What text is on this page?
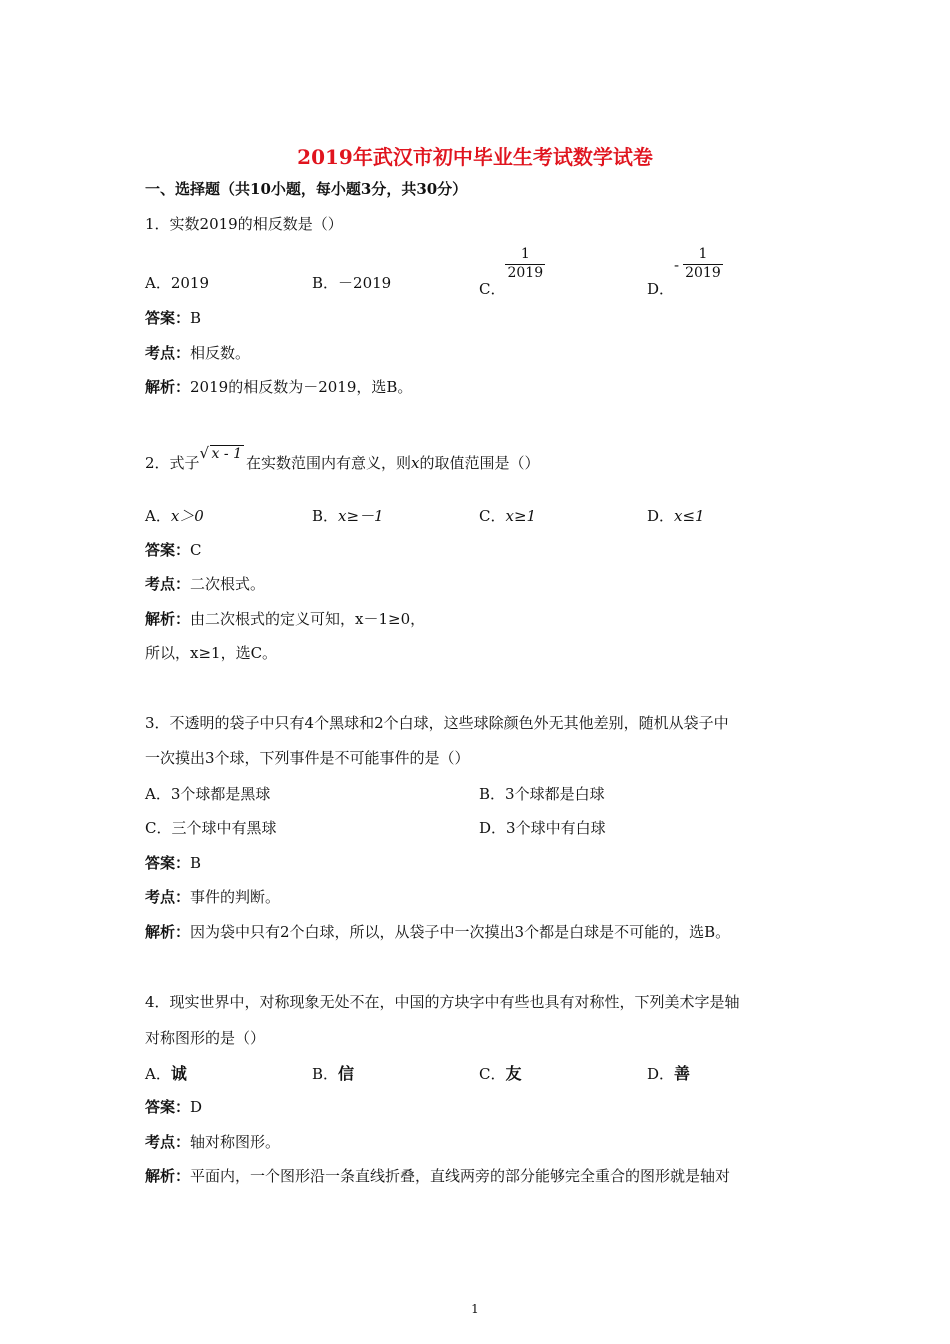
2019年武汉市初中毕业生考试数学试卷
一、选择题（共10小题，每小题3分，共30分）
1．实数2019的相反数是（）
A．2019	B．－2019	C．
$\frac{1}{2019}$
D．- $\frac{1}{2019}$
答案：B
考点：相反数。
解析：2019的相反数为－2019，选B。
2．式子
√ x - 1 在实数范围内有意义，则x的取值范围是（）
A．x＞0	B．x≥－1	C．x≥1	D．x≤1
答案：C
考点：二次根式。
解析：由二次根式的定义可知，x－1≥0，
所以，x≥1，选C。
3．不透明的袋子中只有4个黑球和2个白球，这些球除颜色外无其他差别，随机从袋子中
一次摸出3个球，下列事件是不可能事件的是（）
A．3个球都是黑球	B．3个球都是白球
C．三个球中有黑球	D．3个球中有白球
答案：B
考点：事件的判断。
解析：因为袋中只有2个白球，所以，从袋子中一次摸出3个都是白球是不可能的，选B。
4．现实世界中，对称现象无处不在，中国的方块字中有些也具有对称性，下列美术字是轴
对称图形的是（）
A．诚	B．信	C．友	D．善
答案：D
考点：轴对称图形。
解析：平面内，一个图形沿一条直线折叠，直线两旁的部分能够完全重合的图形就是轴对
1
